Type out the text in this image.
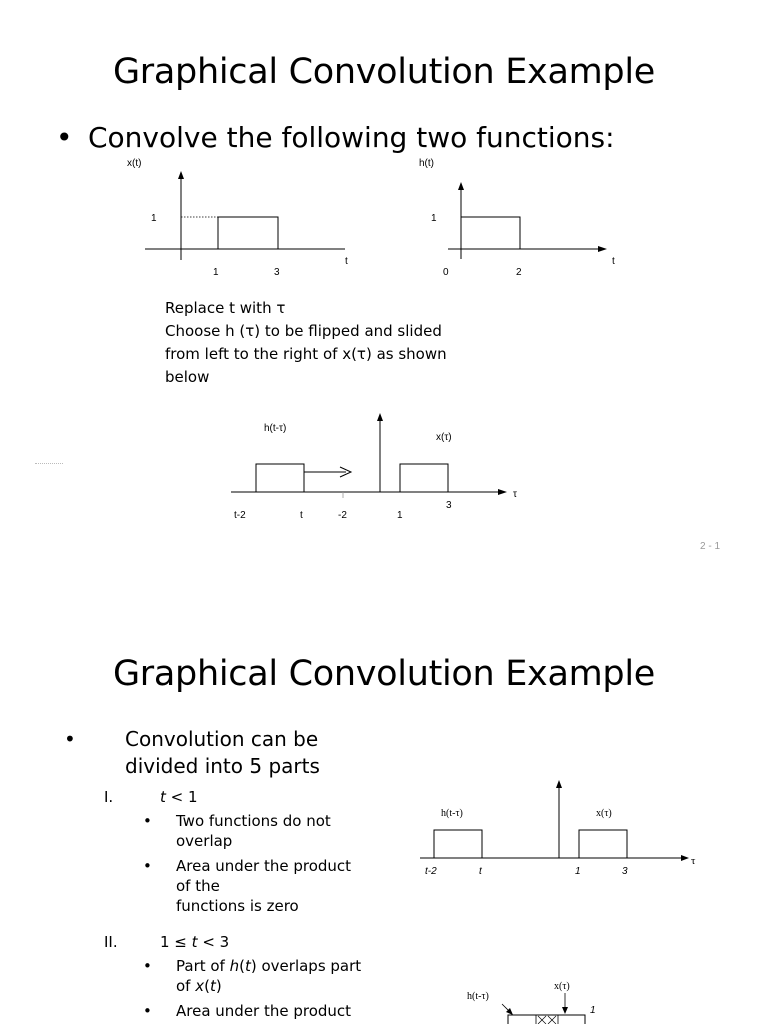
Graphical Convolution Example
• Convolve the following two functions:
x(t)
1
t
1	3
h(t)
1
t
0	2
Replace t with τ
Choose h (τ) to be flipped and slided
from left to the right of x(τ) as shown
below
h(t-τ)
x(τ)
τ
t-2	t	-2	1
3
2 - 1
Graphical Convolution Example
• Convolution can be
divided into 5 parts
I.	t < 1
• Two functions do not
overlap
• Area under the product
of the
functions is zero
II.	1 ≤ t < 3
• Part of h(t) overlaps part
of x(t)
• Area under the product
h(t-τ)	x(τ)
τ
t-2	t	1	3
h(t-τ)
x(τ)
1
